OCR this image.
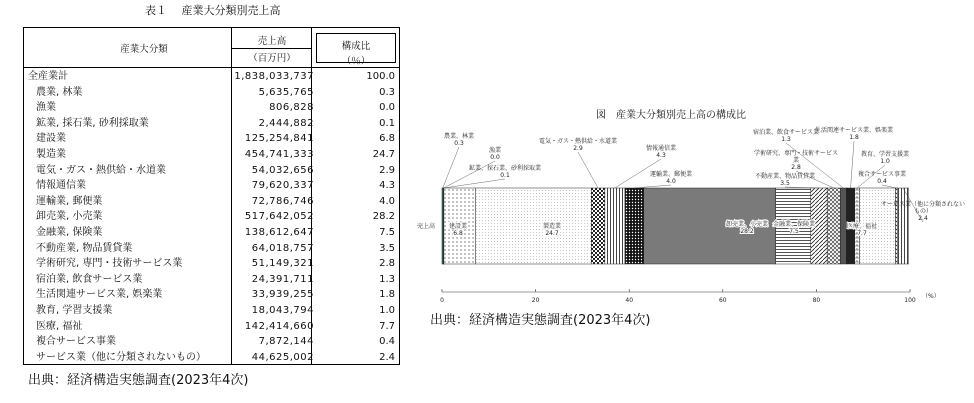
表１　 産業大分類別売上高
産業大分類
売上高
（百万円）
構成比
（％）
全産業計	1,838,033,737	100.0
農業, 林業	5,635,765	0.3
漁業	806,828	0.0
鉱業, 採石業, 砂利採取業	2,444,882	0.1
建設業	125,254,841	6.8
製造業	454,741,333	24.7
電気・ガス・熱供給・水道業	54,032,656	2.9
情報通信業	79,620,337	4.3
運輸業, 郵便業	72,786,746	4.0
卸売業, 小売業	517,642,052	28.2
金融業, 保険業	138,612,647	7.5
不動産業, 物品賃貸業	64,018,757	3.5
学術研究, 専門・技術サービス業	51,149,321	2.8
宿泊業, 飲食サービス業	24,391,711	1.3
生活関連サービス業, 娯楽業	33,939,255	1.8
教育, 学習支援業	18,043,794	1.0
医療, 福祉	142,414,660	7.7
複合サービス事業	7,872,144	0.4
サービス業（他に分類されないもの）	44,625,002	2.4
出典：経済構造実態調査(2023年4次)
図　産業大分類別売上高の構成比
0	20	40	60	80	100
（%）
売上高
農業、林業
0.3
漁業
0.0
鉱業、採石業、砂利採取業
0.1
建設業
6.8
製造業
24.7
電気・ガス・熱供給・水道業
2.9	情報通信業
4.3
運輸業、郵便業
4.0
卸売業、小売業
28.2
金融業、保険業
7.5
不動産業、物品賃貸業
3.5
学術研究、専門・技術サービス
業
2.8
宿泊業、飲食サービス業
1.3
生活関連サービス業、娯楽業
1.8
教育、学習支援業
1.0
医療、福祉
7.7
複合サービス事業
0.4
サービス業（他に分類されない
もの）
2.4
出典：経済構造実態調査(2023年4次)
